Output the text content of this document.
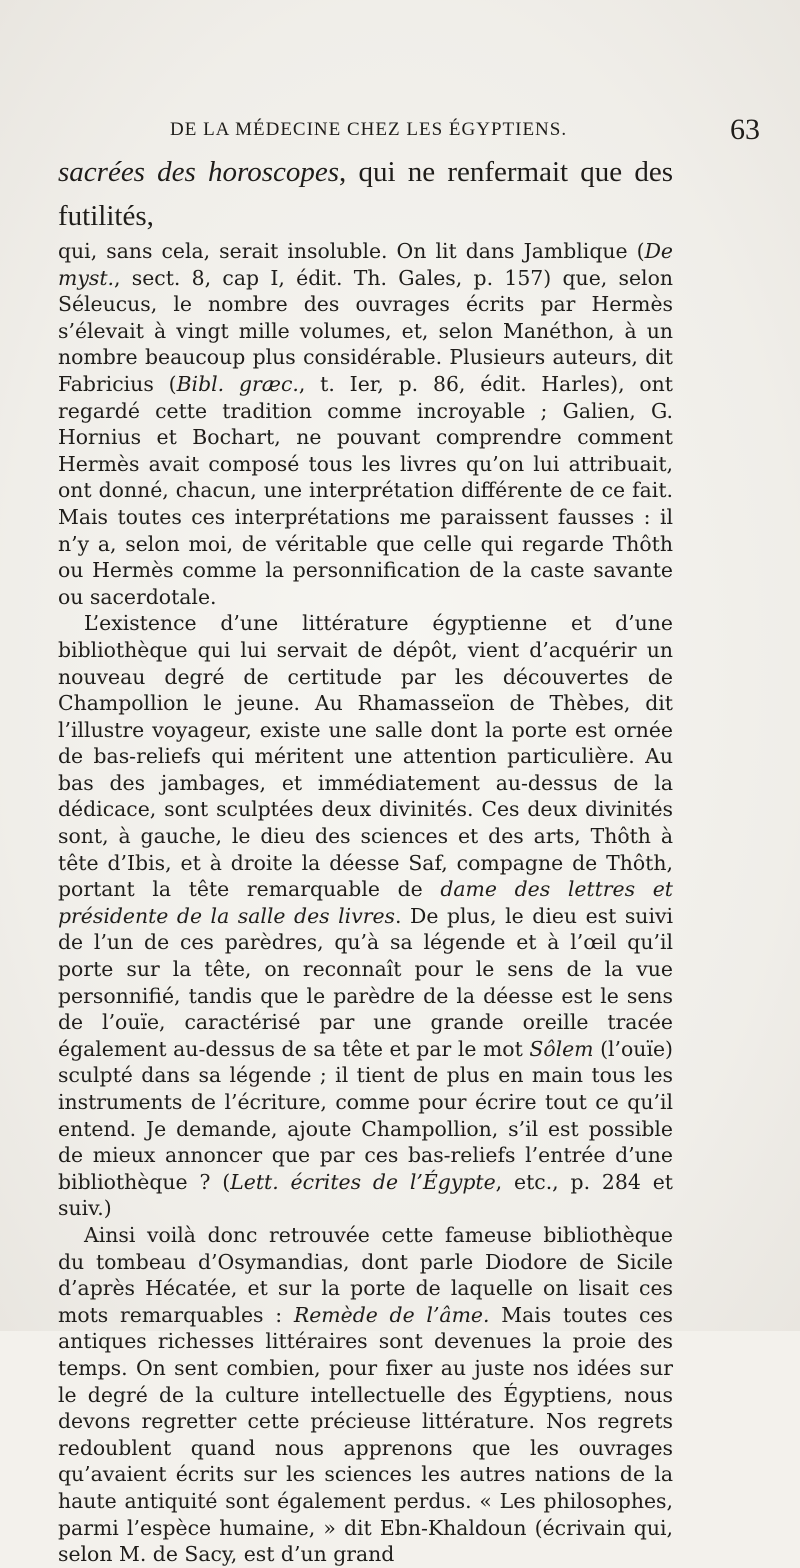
DE LA MÉDECINE CHEZ LES ÉGYPTIENS.	63

sacrées des horoscopes, qui ne renfermait que des futilités,

qui, sans cela, serait insoluble. On lit dans Jamblique (De myst., sect. 8, cap I, édit. Th. Gales, p. 157) que, selon Séleucus, le nombre des ouvrages écrits par Hermès s’élevait à vingt mille volumes, et, selon Manéthon, à un nombre beaucoup plus considérable. Plusieurs auteurs, dit Fabricius (Bibl. græc., t. Ier, p. 86, édit. Harles), ont regardé cette tradition comme incroyable ; Galien, G. Hornius et Bochart, ne pouvant comprendre comment Hermès avait composé tous les livres qu’on lui attribuait, ont donné, chacun, une interprétation différente de ce fait. Mais toutes ces interprétations me paraissent fausses : il n’y a, selon moi, de véritable que celle qui regarde Thôth ou Hermès comme la personnification de la caste savante ou sacerdotale.

L’existence d’une littérature égyptienne et d’une bibliothèque qui lui servait de dépôt, vient d’acquérir un nouveau degré de certitude par les découvertes de Champollion le jeune. Au Rhamasseïon de Thèbes, dit l’illustre voyageur, existe une salle dont la porte est ornée de bas-reliefs qui méritent une attention particulière. Au bas des jambages, et immédiatement au-dessus de la dédicace, sont sculptées deux divinités. Ces deux divinités sont, à gauche, le dieu des sciences et des arts, Thôth à tête d’Ibis, et à droite la déesse Saf, compagne de Thôth, portant la tête remarquable de dame des lettres et présidente de la salle des livres. De plus, le dieu est suivi de l’un de ces parèdres, qu’à sa légende et à l’œil qu’il porte sur la tête, on reconnaît pour le sens de la vue personnifié, tandis que le parèdre de la déesse est le sens de l’ouïe, caractérisé par une grande oreille tracée également au-dessus de sa tête et par le mot Sôlem (l’ouïe) sculpté dans sa légende ; il tient de plus en main tous les instruments de l’écriture, comme pour écrire tout ce qu’il entend. Je demande, ajoute Champollion, s’il est possible de mieux annoncer que par ces bas-reliefs l’entrée d’une bibliothèque ? (Lett. écrites de l’Égypte, etc., p. 284 et suiv.)

Ainsi voilà donc retrouvée cette fameuse bibliothèque du tombeau d’Osymandias, dont parle Diodore de Sicile d’après Hécatée, et sur la porte de laquelle on lisait ces mots remarquables : Remède de l’âme. Mais toutes ces antiques richesses littéraires sont devenues la proie des temps. On sent combien, pour fixer au juste nos idées sur le degré de la culture intellectuelle des Égyptiens, nous devons regretter cette précieuse littérature. Nos regrets redoublent quand nous apprenons que les ouvrages qu’avaient écrits sur les sciences les autres nations de la haute antiquité sont également perdus. « Les philosophes, parmi l’espèce humaine, » dit Ebn-Khaldoun (écrivain qui, selon M. de Sacy, est d’un grand
